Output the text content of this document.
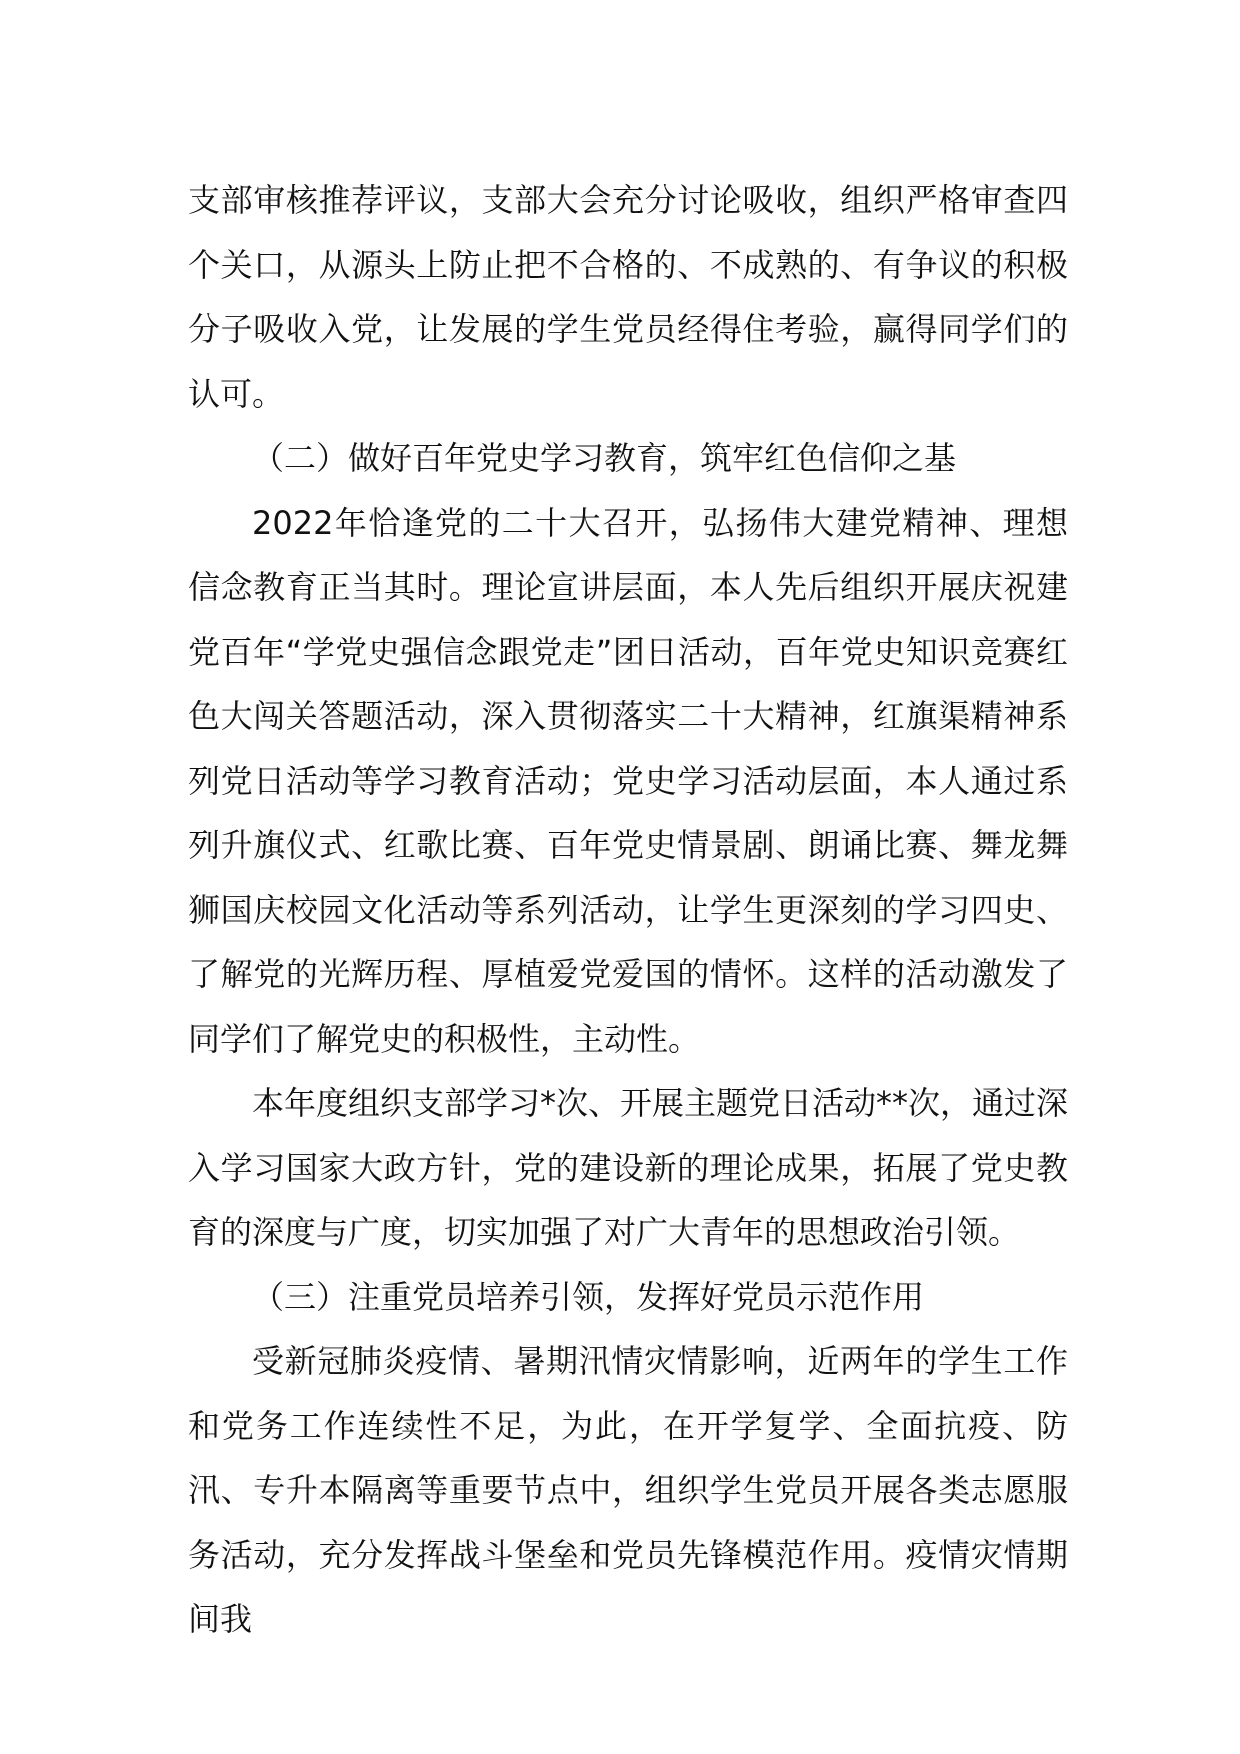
支部审核推荐评议，支部大会充分讨论吸收，组织严格审查四个关口，从源头上防止把不合格的、不成熟的、有争议的积极分子吸收入党，让发展的学生党员经得住考验，赢得同学们的认可。

（二）做好百年党史学习教育，筑牢红色信仰之基

2022年恰逢党的二十大召开，弘扬伟大建党精神、理想信念教育正当其时。理论宣讲层面，本人先后组织开展庆祝建党百年“学党史强信念跟党走”团日活动，百年党史知识竞赛红色大闯关答题活动，深入贯彻落实二十大精神，红旗渠精神系列党日活动等学习教育活动；党史学习活动层面，本人通过系列升旗仪式、红歌比赛、百年党史情景剧、朗诵比赛、舞龙舞狮国庆校园文化活动等系列活动，让学生更深刻的学习四史、了解党的光辉历程、厚植爱党爱国的情怀。这样的活动激发了同学们了解党史的积极性，主动性。

本年度组织支部学习*次、开展主题党日活动**次，通过深入学习国家大政方针，党的建设新的理论成果，拓展了党史教育的深度与广度，切实加强了对广大青年的思想政治引领。

（三）注重党员培养引领，发挥好党员示范作用

受新冠肺炎疫情、暑期汛情灾情影响，近两年的学生工作和党务工作连续性不足，为此，在开学复学、全面抗疫、防汛、专升本隔离等重要节点中，组织学生党员开展各类志愿服务活动，充分发挥战斗堡垒和党员先锋模范作用。疫情灾情期间我
